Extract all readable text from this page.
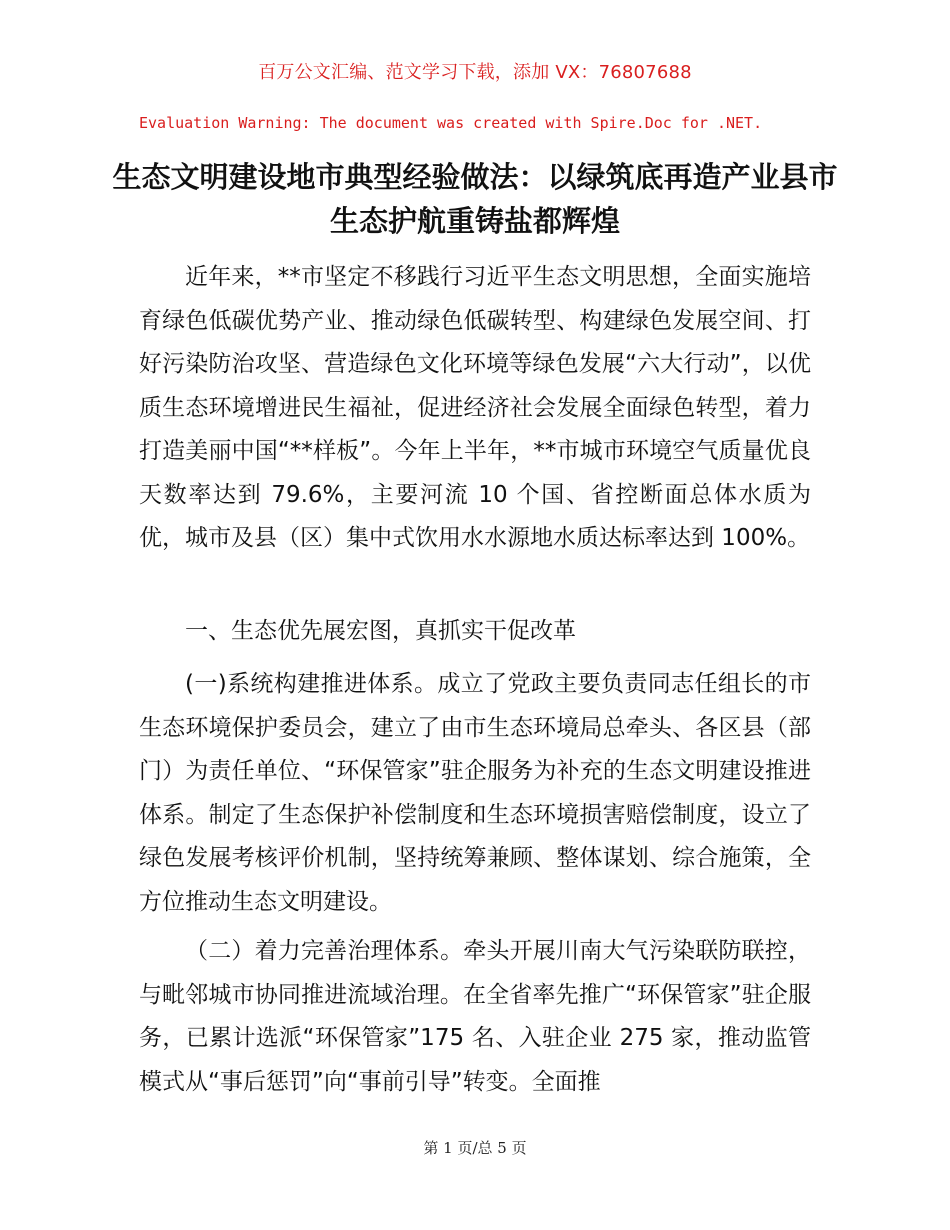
百万公文汇编、范文学习下载，添加 VX：76807688
Evaluation Warning: The document was created with Spire.Doc for .NET.
生态文明建设地市典型经验做法：以绿筑底再造产业县市生态护航重铸盐都辉煌

近年来，**市坚定不移践行习近平生态文明思想，全面实施培育绿色低碳优势产业、推动绿色低碳转型、构建绿色发展空间、打好污染防治攻坚、营造绿色文化环境等绿色发展“六大行动”，以优质生态环境增进民生福祉，促进经济社会发展全面绿色转型，着力打造美丽中国“**样板”。今年上半年，**市城市环境空气质量优良天数率达到 79.6%，主要河流 10 个国、省控断面总体水质为优，城市及县（区）集中式饮用水水源地水质达标率达到 100%。

一、生态优先展宏图，真抓实干促改革

(一)系统构建推进体系。成立了党政主要负责同志任组长的市生态环境保护委员会，建立了由市生态环境局总牵头、各区县（部门）为责任单位、“环保管家”驻企服务为补充的生态文明建设推进体系。制定了生态保护补偿制度和生态环境损害赔偿制度，设立了绿色发展考核评价机制，坚持统筹兼顾、整体谋划、综合施策，全方位推动生态文明建设。

（二）着力完善治理体系。牵头开展川南大气污染联防联控，与毗邻城市协同推进流域治理。在全省率先推广“环保管家”驻企服务，已累计选派“环保管家”175 名、入驻企业 275 家，推动监管模式从“事后惩罚”向“事前引导”转变。全面推

第 1 页/总 5 页
